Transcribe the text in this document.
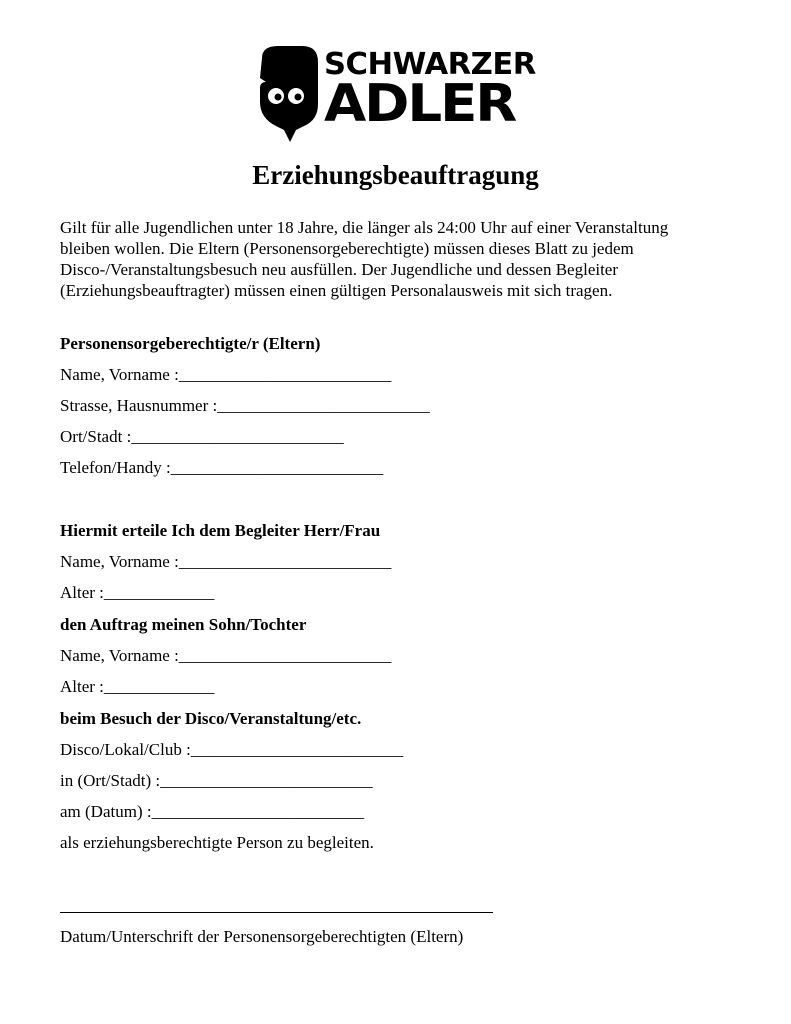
SCHWARZER
ADLER
Erziehungsbeauftragung
Gilt für alle Jugendlichen unter 18 Jahre, die länger als 24:00 Uhr auf einer Veranstaltung
bleiben wollen. Die Eltern (Personensorgeberechtigte) müssen dieses Blatt zu jedem
Disco-/Veranstaltungsbesuch neu ausfüllen. Der Jugendliche und dessen Begleiter
(Erziehungsbeauftragter) müssen einen gültigen Personalausweis mit sich tragen.
Personensorgeberechtigte/r (Eltern)
Name, Vorname :_________________________
Strasse, Hausnummer :_________________________
Ort/Stadt :_________________________
Telefon/Handy :_________________________
Hiermit erteile Ich dem Begleiter Herr/Frau
Name, Vorname :_________________________
Alter :_____________
den Auftrag meinen Sohn/Tochter
Name, Vorname :_________________________
Alter :_____________
beim Besuch der Disco/Veranstaltung/etc.
Disco/Lokal/Club :_________________________
in (Ort/Stadt) :_________________________
am (Datum) :_________________________
als erziehungsberechtigte Person zu begleiten.
Datum/Unterschrift der Personensorgeberechtigten (Eltern)
